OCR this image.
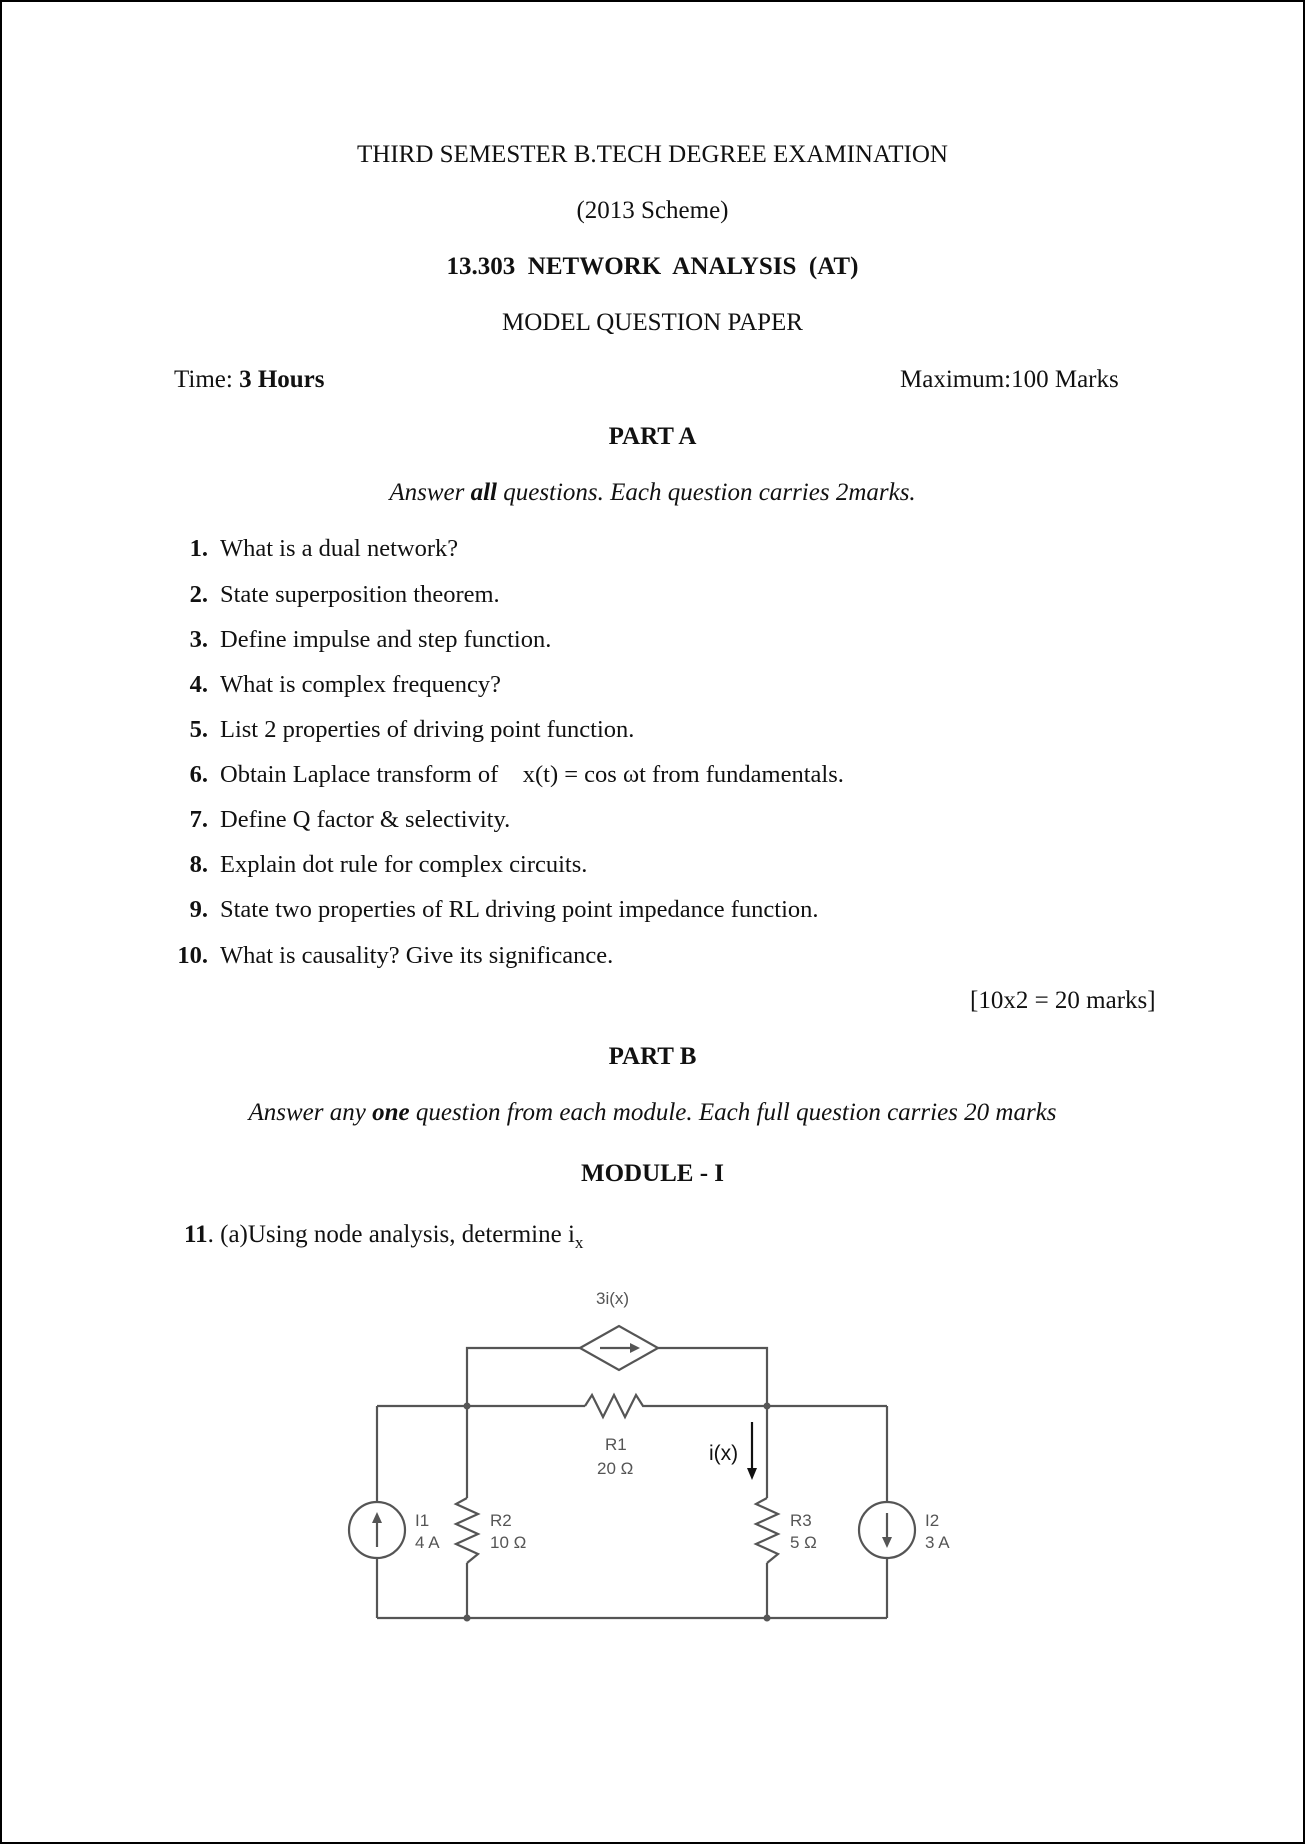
THIRD SEMESTER B.TECH DEGREE EXAMINATION
(2013 Scheme)
13.303  NETWORK  ANALYSIS  (AT)
MODEL QUESTION PAPER
Time: 3 Hours	Maximum:100 Marks
PART A
Answer all questions. Each question carries 2marks.
1. What is a dual network?
2. State superposition theorem.
3. Define impulse and step function.
4. What is complex frequency?
5. List 2 properties of driving point function.
6. Obtain Laplace transform of    x(t) = cos ωt from fundamentals.
7. Define Q factor & selectivity.
8. Explain dot rule for complex circuits.
9. State two properties of RL driving point impedance function.
10. What is causality? Give its significance.
[10x2 = 20 marks]
PART B
Answer any one question from each module. Each full question carries 20 marks
MODULE - I
11. (a)Using node analysis, determine $i_x$
3i(x)
R1
20 Ω
R2
10 Ω
R3
5 Ω
I1
4 A
I2
3 A
i(x)
